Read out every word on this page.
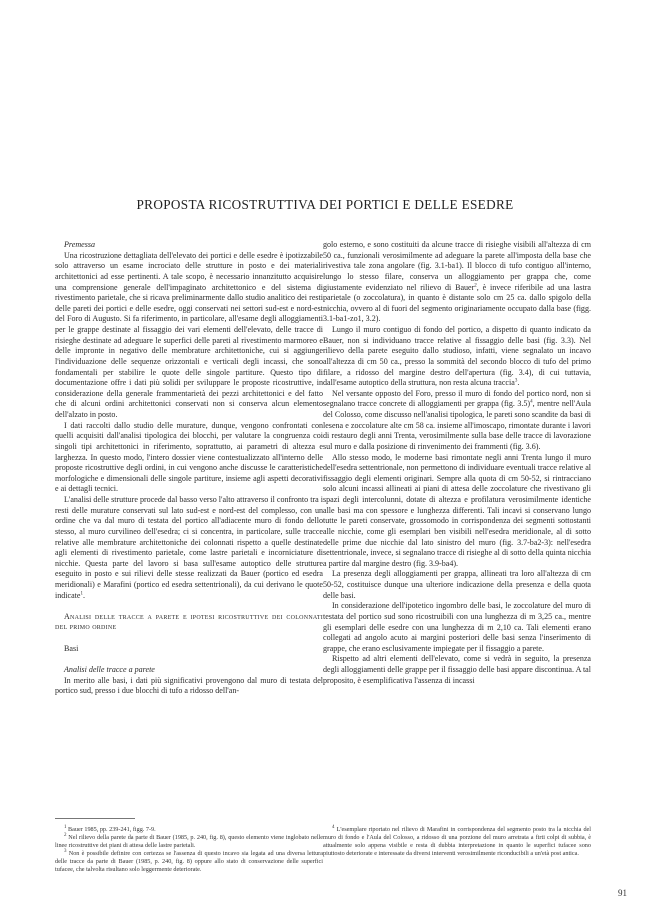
PROPOSTA RICOSTRUTTIVA DEI PORTICI E DELLE ESEDRE

Premessa

Una ricostruzione dettagliata dell'elevato dei portici e delle esedre è ipotizzabile solo attraverso un esame incrociato delle strutture in posto e dei materiali architettonici ad esse pertinenti. A tale scopo, è necessario innanzitutto acquisire una comprensione generale dell'impaginato architettonico e del sistema di rivestimento parietale, che si ricava preliminarmente dallo studio analitico dei resti delle pareti dei portici e delle esedre, oggi conservati nei settori sud-est e nord-est del Foro di Augusto. Si fa riferimento, in particolare, all'esame degli alloggiamenti per le grappe destinate al fissaggio dei vari elementi dell'elevato, delle tracce di risieghe destinate ad adeguare le superfici delle pareti al rivestimento marmoreo e delle impronte in negativo delle membrature architettoniche, cui si aggiunge l'individuazione delle sequenze orizzontali e verticali degli incassi, che sono fondamentali per stabilire le quote delle singole partiture. Questo tipo di documentazione offre i dati più solidi per sviluppare le proposte ricostruttive, in considerazione della generale frammentarietà dei pezzi architettonici e del fatto che di alcuni ordini architettonici conservati non si conserva alcun elemento dell'alzato in posto.

I dati raccolti dallo studio delle murature, dunque, vengono confrontati con quelli acquisiti dall'analisi tipologica dei blocchi, per valutare la congruenza coi singoli tipi architettonici in riferimento, soprattutto, ai parametri di altezza e larghezza. In questo modo, l'intero dossier viene contestualizzato all'interno delle proposte ricostruttive degli ordini, in cui vengono anche discusse le caratteristiche morfologiche e dimensionali delle singole partiture, insieme agli aspetti decorativi e ai dettagli tecnici.

L'analisi delle strutture procede dal basso verso l'alto attraverso il confronto tra i resti delle murature conservati sul lato sud-est e nord-est del complesso, con un ordine che va dal muro di testata del portico all'adiacente muro di fondo dello stesso, al muro curvilineo dell'esedra; ci si concentra, in particolare, sulle tracce relative alle membrature architettoniche dei colonnati rispetto a quelle destinate agli elementi di rivestimento parietale, come lastre parietali e incorniciature di nicchie. Questa parte del lavoro si basa sull'esame autoptico delle strutture eseguito in posto e sui rilievi delle stesse realizzati da Bauer (portico ed esedra meridionali) e Marafini (portico ed esedra settentrionali), da cui derivano le quote indicate$^1$.

Analisi delle tracce a parete e ipotesi ricostruttive dei colonnati del primo ordine

Basi

Analisi delle tracce a parete

In merito alle basi, i dati più significativi provengono dal muro di testata del portico sud, presso i due blocchi di tufo a ridosso dell'an-

golo esterno, e sono costituiti da alcune tracce di risieghe visibili all'altezza di cm 50 ca., funzionali verosimilmente ad adeguare la parete all'imposta della base che rivestiva tale zona angolare (fig. 3.1-ba1). Il blocco di tufo contiguo all'interno, lungo lo stesso filare, conserva un alloggiamento per grappa che, come giustamente evidenziato nel rilievo di Bauer$^2$, è invece riferibile ad una lastra parietale (o zoccolatura), in quanto è distante solo cm 25 ca. dallo spigolo della nicchia, ovvero al di fuori del segmento originariamente occupato dalla base (figg. 3.1-ba1-zo1, 3.2).

Lungo il muro contiguo di fondo del portico, a dispetto di quanto indicato da Bauer, non si individuano tracce relative al fissaggio delle basi (fig. 3.3). Nel rilievo della parete eseguito dallo studioso, infatti, viene segnalato un incavo all'altezza di cm 50 ca., presso la sommità del secondo blocco di tufo del primo filare, a ridosso del margine destro dell'apertura (fig. 3.4), di cui tuttavia, dall'esame autoptico della struttura, non resta alcuna traccia$^3$.

Nel versante opposto del Foro, presso il muro di fondo del portico nord, non si segnalano tracce concrete di alloggiamenti per grappa (fig. 3.5)$^4$, mentre nell'Aula del Colosso, come discusso nell'analisi tipologica, le pareti sono scandite da basi di lesena e zoccolature alte cm 58 ca. insieme all'imoscapo, rimontate durante i lavori di restauro degli anni Trenta, verosimilmente sulla base delle tracce di lavorazione sul muro e dalla posizione di rinvenimento dei frammenti (fig. 3.6).

Allo stesso modo, le moderne basi rimontate negli anni Trenta lungo il muro dell'esedra settentrionale, non permettono di individuare eventuali tracce relative al fissaggio degli elementi originari. Sempre alla quota di cm 50-52, si rintracciano solo alcuni incassi allineati ai piani di attesa delle zoccolature che rivestivano gli spazi degli intercolunni, dotate di altezza e profilatura verosimilmente identiche alle basi ma con spessore e lunghezza differenti. Tali incavi si conservano lungo tutte le pareti conservate, grossomodo in corrispondenza dei segmenti sottostanti alle nicchie, come gli esemplari ben visibili nell'esedra meridionale, al di sotto delle prime due nicchie dal lato sinistro del muro (fig. 3.7-ba2-3): nell'esedra settentrionale, invece, si segnalano tracce di risieghe al di sotto della quinta nicchia a partire dal margine destro (fig. 3.9-ba4).

La presenza degli alloggiamenti per grappa, allineati tra loro all'altezza di cm 50-52, costituisce dunque una ulteriore indicazione della presenza e della quota delle basi.

In considerazione dell'ipotetico ingombro delle basi, le zoccolature del muro di testata del portico sud sono ricostruibili con una lunghezza di m 3,25 ca., mentre gli esemplari delle esedre con una lunghezza di m 2,10 ca. Tali elementi erano collegati ad angolo acuto ai margini posteriori delle basi senza l'inserimento di grappe, che erano esclusivamente impiegate per il fissaggio a parete.

Rispetto ad altri elementi dell'elevato, come si vedrà in seguito, la presenza degli alloggiamenti delle grappe per il fissaggio delle basi appare discontinua. A tal proposito, è esemplificativa l'assenza di incassi

$^1$ Bauer 1985, pp. 239-241, figg. 7-9.

$^2$ Nel rilievo della parete da parte di Bauer (1985, p. 240, fig. 8), questo elemento viene inglobato nelle linee ricostruttive dei piani di attesa delle lastre parietali.

$^3$ Non è possibile definire con certezza se l'assenza di questo incavo sia legata ad una diversa lettura delle tracce da parte di Bauer (1985, p. 240, fig. 8) oppure allo stato di conservazione delle superfici tufacee, che talvolta risultano solo leggermente deteriorate.

$^4$ L'esemplare riportato nel rilievo di Marafini in corrispondenza del segmento posto tra la nicchia del muro di fondo e l'Aula del Colosso, a ridosso di una porzione del muro arretrata a firti colpi di subbia, è attualmente solo appena visibile e resta di dubbia interpretazione in quanto le superfici tufacee sono piuttosto deteriorate e interessate da diversi interventi verosimilmente riconducibili a un'età post antica.

91
